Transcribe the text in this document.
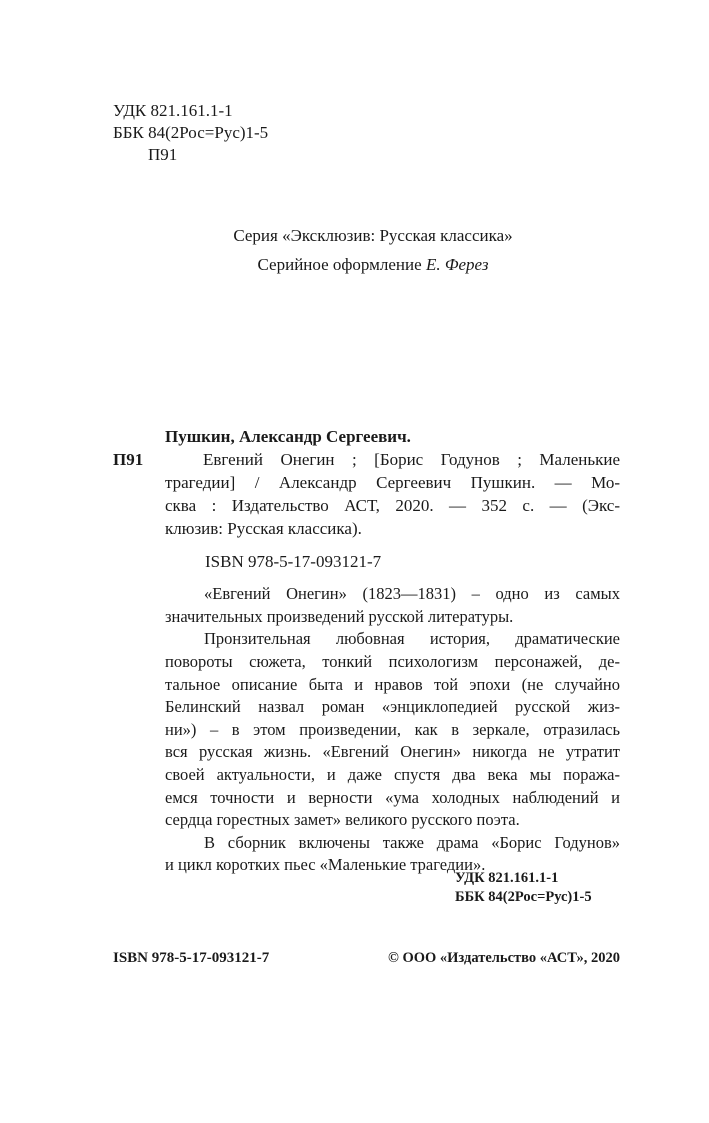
УДК 821.161.1-1
ББК 84(2Рос=Рус)1-5
П91
Серия «Эксклюзив: Русская классика»
Серийное оформление Е. Ферез
Пушкин, Александр Сергеевич.
П91	Евгений Онегин ; [Борис Годунов ; Маленькие
трагедии] / Александр Сергеевич Пушкин. — Мо-
сква : Издательство АСТ, 2020. — 352 с. — (Экс-
клюзив: Русская классика).
ISBN 978-5-17-093121-7
«Евгений Онегин» (1823—1831) – одно из самых
значительных произведений русской литературы.
Пронзительная любовная история, драматические
повороты сюжета, тонкий психологизм персонажей, де-
тальное описание быта и нравов той эпохи (не случайно
Белинский назвал роман «энциклопедией русской жиз-
ни») – в этом произведении, как в зеркале, отразилась
вся русская жизнь. «Евгений Онегин» никогда не утратит
своей актуальности, и даже спустя два века мы поража-
емся точности и верности «ума холодных наблюдений и
сердца горестных замет» великого русского поэта.
В сборник включены также драма «Борис Годунов»
и цикл коротких пьес «Маленькие трагедии».
УДК 821.161.1-1
ББК 84(2Рос=Рус)1-5
ISBN 978-5-17-093121-7	© ООО «Издательство «АСТ», 2020
